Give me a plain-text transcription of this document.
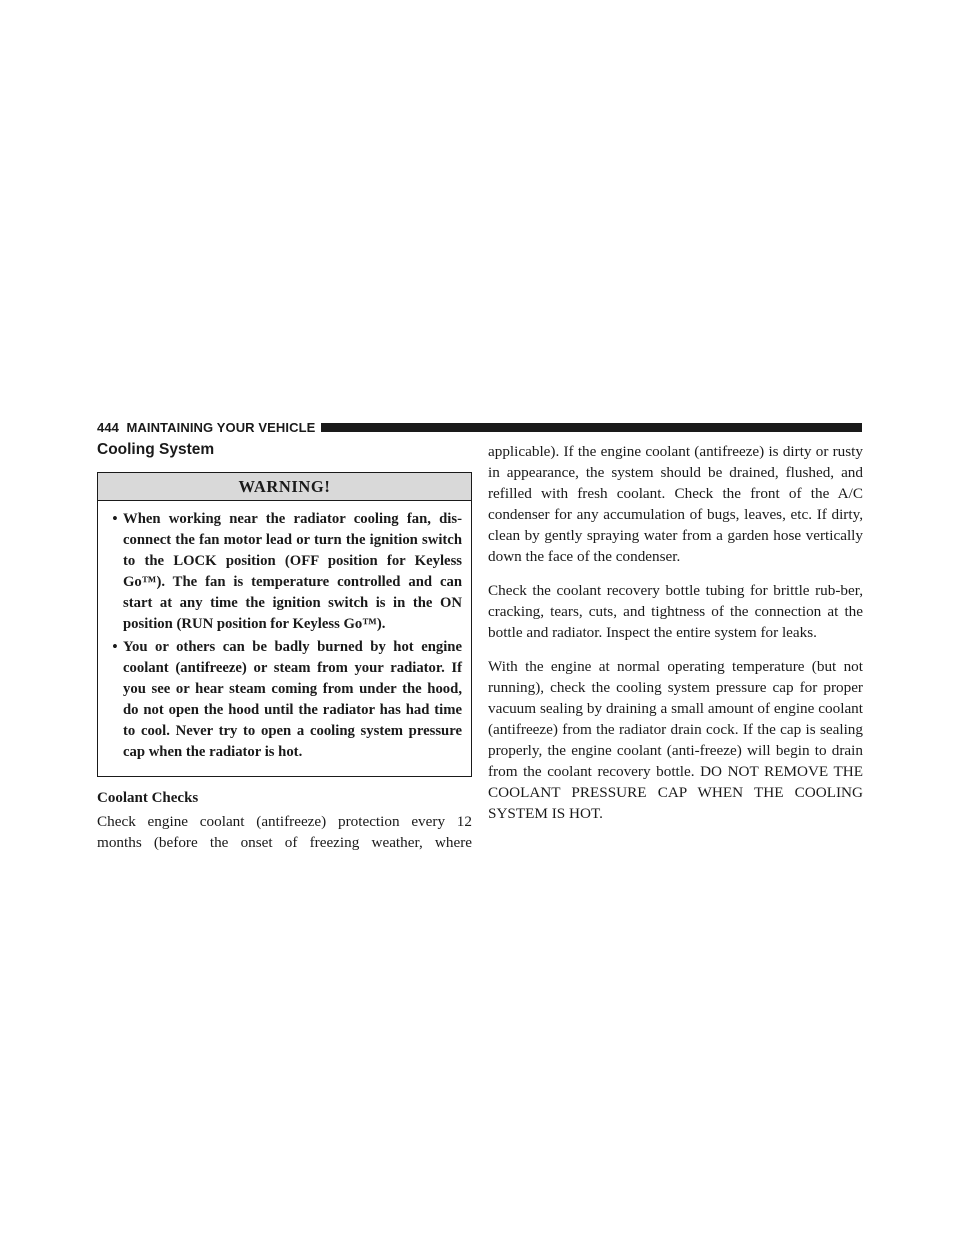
444 MAINTAINING YOUR VEHICLE
Cooling System
WARNING!
• When working near the radiator cooling fan, dis-connect the fan motor lead or turn the ignition switch to the LOCK position (OFF position for Keyless Go™). The fan is temperature controlled and can start at any time the ignition switch is in the ON position (RUN position for Keyless Go™).
• You or others can be badly burned by hot engine coolant (antifreeze) or steam from your radiator. If you see or hear steam coming from under the hood, do not open the hood until the radiator has had time to cool. Never try to open a cooling system pressure cap when the radiator is hot.
Coolant Checks

Check engine coolant (antifreeze) protection every 12 months (before the onset of freezing weather, where

applicable). If the engine coolant (antifreeze) is dirty or rusty in appearance, the system should be drained, flushed, and refilled with fresh coolant. Check the front of the A/C condenser for any accumulation of bugs, leaves, etc. If dirty, clean by gently spraying water from a garden hose vertically down the face of the condenser.

Check the coolant recovery bottle tubing for brittle rub-ber, cracking, tears, cuts, and tightness of the connection at the bottle and radiator. Inspect the entire system for leaks.

With the engine at normal operating temperature (but not running), check the cooling system pressure cap for proper vacuum sealing by draining a small amount of engine coolant (antifreeze) from the radiator drain cock. If the cap is sealing properly, the engine coolant (anti-freeze) will begin to drain from the coolant recovery bottle. DO NOT REMOVE THE COOLANT PRESSURE CAP WHEN THE COOLING SYSTEM IS HOT.
